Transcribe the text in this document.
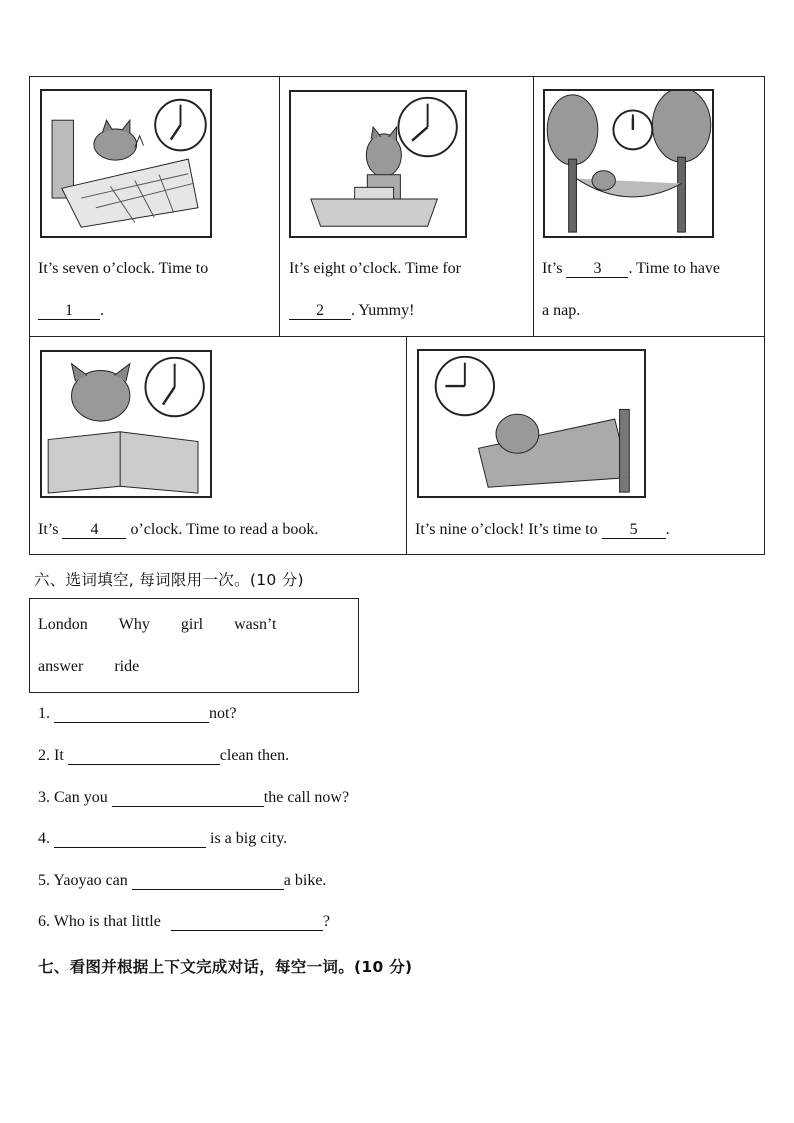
It’s seven o’clock. Time to
1 .
It’s eight o’clock. Time for
2 . Yummy!
It’s 3 . Time to have
a nap.
It’s 4 o’clock. Time to read a book.	It’s nine o’clock! It’s time to 5 .
六、选词填空, 每词限用一次。(10 分)
London Why girl wasn’t
answer ride
1.	not?
2. It	clean then.
3. Can you	the call now?
4.	is a big city.
5. Yaoyao can	a bike.
6. Who is that little	?
七、看图并根据上下文完成对话，每空一词。(10 分)
